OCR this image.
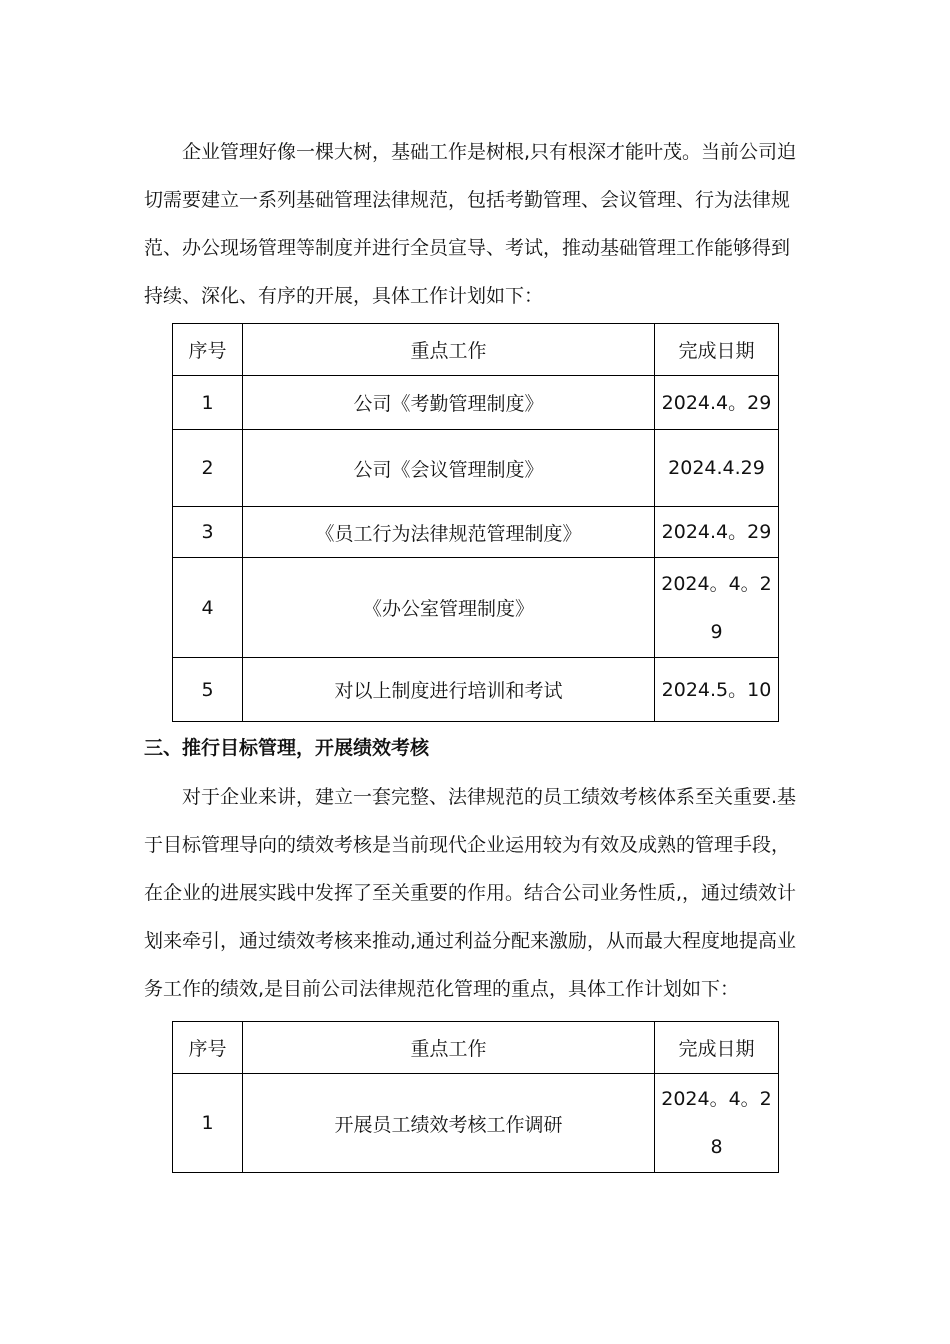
企业管理好像一棵大树，基础工作是树根,只有根深才能叶茂。当前公司迫
切需要建立一系列基础管理法律规范，包括考勤管理、会议管理、行为法律规
范、办公现场管理等制度并进行全员宣导、考试，推动基础管理工作能够得到
持续、深化、有序的开展，具体工作计划如下：
序号	重点工作	完成日期
1	公司《考勤管理制度》	2024.4。29

2	公司《会议管理制度》	2024.4.29

3	《员工行为法律规范管理制度》	2024.4。29

4	《办公室管理制度》	2024。4。29

5	对以上制度进行培训和考试	2024.5。10
三、推行目标管理，开展绩效考核
对于企业来讲，建立一套完整、法律规范的员工绩效考核体系至关重要.基
于目标管理导向的绩效考核是当前现代企业运用较为有效及成熟的管理手段，
在企业的进展实践中发挥了至关重要的作用。结合公司业务性质,，通过绩效计
划来牵引，通过绩效考核来推动,通过利益分配来激励，从而最大程度地提高业
务工作的绩效,是目前公司法律规范化管理的重点，具体工作计划如下：
序号	重点工作	完成日期
1	开展员工绩效考核工作调研	2024。4。28
